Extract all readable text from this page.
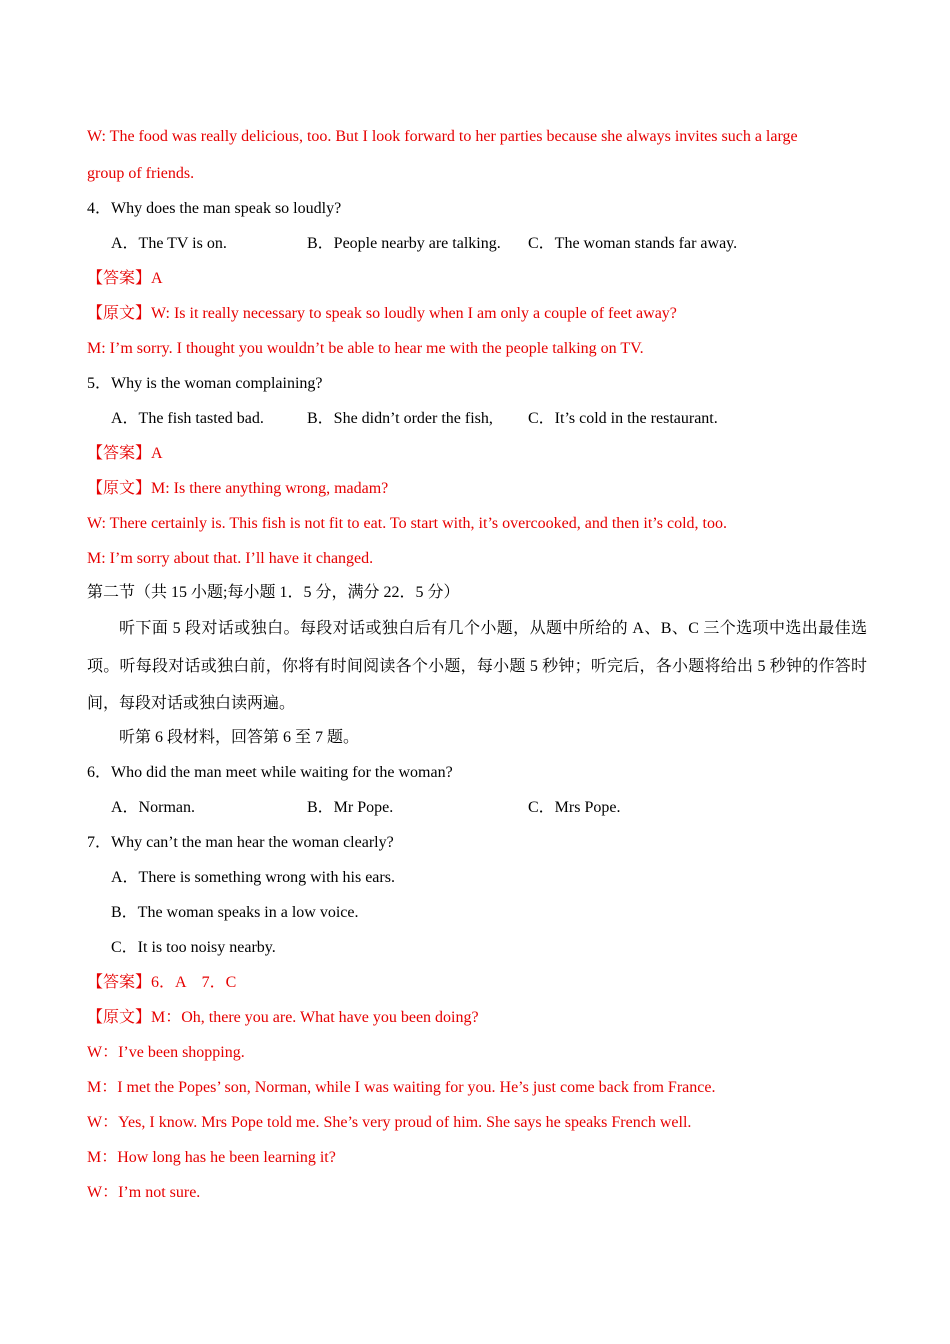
W: The food was really delicious, too. But I look forward to her parties because she always invites such a large
group of friends.
4．Why does the man speak so loudly?
A．The TV is on.	B．People nearby are talking. C．The woman stands far away.
【答案】A
【原文】W: Is it really necessary to speak so loudly when I am only a couple of feet away?
M: I’m sorry. I thought you wouldn’t be able to hear me with the people talking on TV.
5．Why is the woman complaining?
A．The fish tasted bad.	B．She didn’t order the fish, C．It’s cold in the restaurant.
【答案】A
【原文】M: Is there anything wrong, madam?
W: There certainly is. This fish is not fit to eat. To start with, it’s overcooked, and then it’s cold, too.
M: I’m sorry about that. I’ll have it changed.
第二节（共 15 小题;每小题 1．5 分，满分 22．5 分）
听下面 5 段对话或独白。每段对话或独白后有几个小题，从题中所给的 A、B、C 三个选项中选出最佳选项。听每段对话或独白前，你将有时间阅读各个小题，每小题 5 秒钟；听完后，各小题将给出 5 秒钟的作答时间，每段对话或独白读两遍。
听第 6 段材料，回答第 6 至 7 题。
6．Who did the man meet while waiting for the woman?
A．Norman.	B．Mr Pope.	C．Mrs Pope.
7．Why can’t the man hear the woman clearly?
A．There is something wrong with his ears.
B．The woman speaks in a low voice.
C．It is too noisy nearby.
【答案】6．A　7．C
【原文】M：Oh, there you are. What have you been doing?
W：I’ve been shopping.
M：I met the Popes’ son, Norman, while I was waiting for you. He’s just come back from France.
W：Yes, I know. Mrs Pope told me. She’s very proud of him. She says he speaks French well.
M：How long has he been learning it?
W：I’m not sure.
